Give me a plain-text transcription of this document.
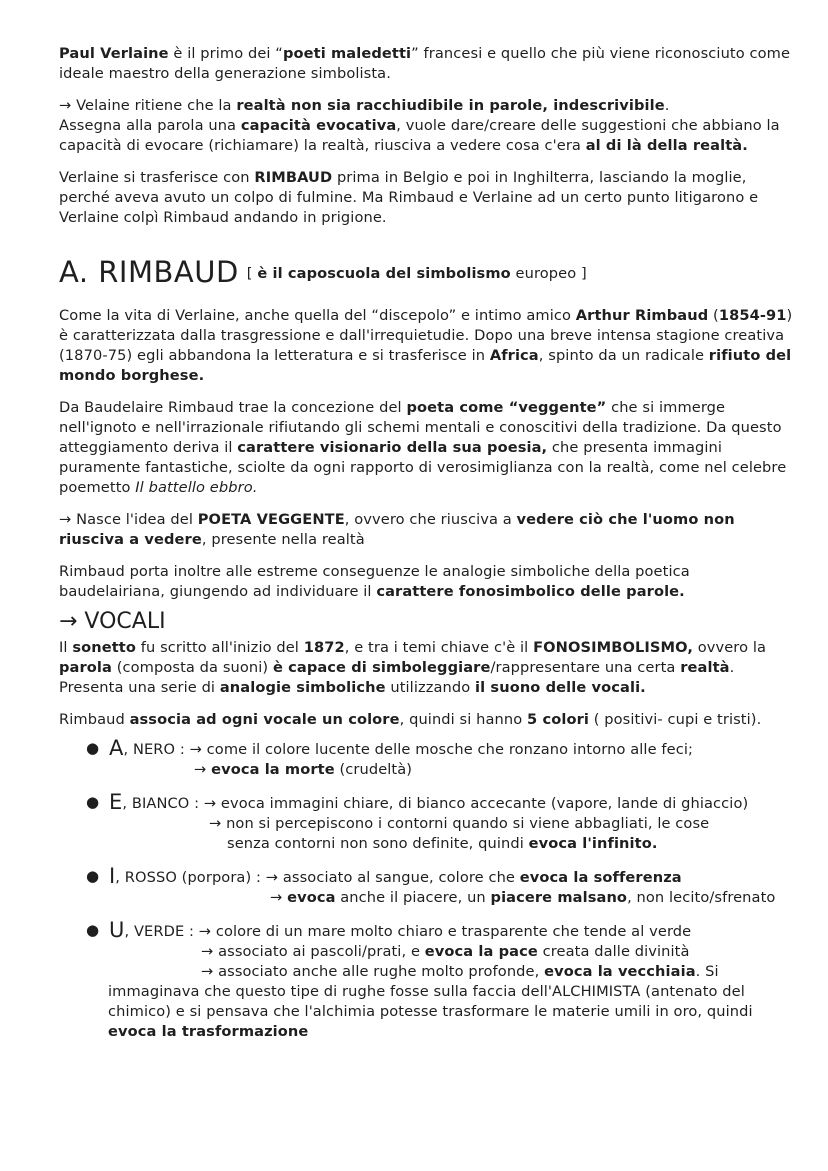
Paul Verlaine è il primo dei “poeti maledetti” francesi e quello che più viene riconosciuto come ideale maestro della generazione simbolista.

→ Velaine ritiene che la realtà non sia racchiudibile in parole, indescrivibile.
Assegna alla parola una capacità evocativa, vuole dare/creare delle suggestioni che abbiano la capacità di evocare (richiamare) la realtà, riusciva a vedere cosa c'era al di là della realtà.

Verlaine si trasferisce con RIMBAUD prima in Belgio e poi in Inghilterra, lasciando la moglie, perché aveva avuto un colpo di fulmine. Ma Rimbaud e Verlaine ad un certo punto litigarono e Verlaine colpì Rimbaud andando in prigione.

A. RIMBAUD [ è il caposcuola del simbolismo europeo ]

Come la vita di Verlaine, anche quella del “discepolo” e intimo amico Arthur Rimbaud (1854-91) è caratterizzata dalla trasgressione e dall'irrequietudie. Dopo una breve intensa stagione creativa (1870-75) egli abbandona la letteratura e si trasferisce in Africa, spinto da un radicale rifiuto del mondo borghese.

Da Baudelaire Rimbaud trae la concezione del poeta come “veggente” che si immerge nell'ignoto e nell'irrazionale rifiutando gli schemi mentali e conoscitivi della tradizione. Da questo atteggiamento deriva il carattere visionario della sua poesia, che presenta immagini puramente fantastiche, sciolte da ogni rapporto di verosimiglianza con la realtà, come nel celebre poemetto Il battello ebbro.

→ Nasce l'idea del POETA VEGGENTE, ovvero che riusciva a vedere ciò che l'uomo non riusciva a vedere, presente nella realtà

Rimbaud porta inoltre alle estreme conseguenze le analogie simboliche della poetica baudelairiana, giungendo ad individuare il carattere fonosimbolico delle parole.

→ VOCALI

Il sonetto fu scritto all'inizio del 1872, e tra i temi chiave c'è il FONOSIMBOLISMO, ovvero la parola (composta da suoni) è capace di simboleggiare/rappresentare una certa realtà. Presenta una serie di analogie simboliche utilizzando il suono delle vocali.

Rimbaud associa ad ogni vocale un colore, quindi si hanno 5 colori ( positivi- cupi e tristi).

● A, NERO : → come il colore lucente delle mosche che ronzano intorno alle feci;

→ evoca la morte (crudeltà)

● E, BIANCO : → evoca immagini chiare, di bianco accecante (vapore, lande di ghiaccio)

→ non si percepiscono i contorni quando si viene abbagliati, le cose

senza contorni non sono definite, quindi evoca l'infinito.

● I, ROSSO (porpora) : → associato al sangue, colore che evoca la sofferenza

→ evoca anche il piacere, un piacere malsano, non lecito/sfrenato

● U, VERDE : → colore di un mare molto chiaro e trasparente che tende al verde

→ associato ai pascoli/prati, e evoca la pace creata dalle divinità

→ associato anche alle rughe molto profonde, evoca la vecchiaia. Si

immaginava che questo tipe di rughe fosse sulla faccia dell'ALCHIMISTA (antenato del chimico) e si pensava che l'alchimia potesse trasformare le materie umili in oro, quindi

evoca la trasformazione
